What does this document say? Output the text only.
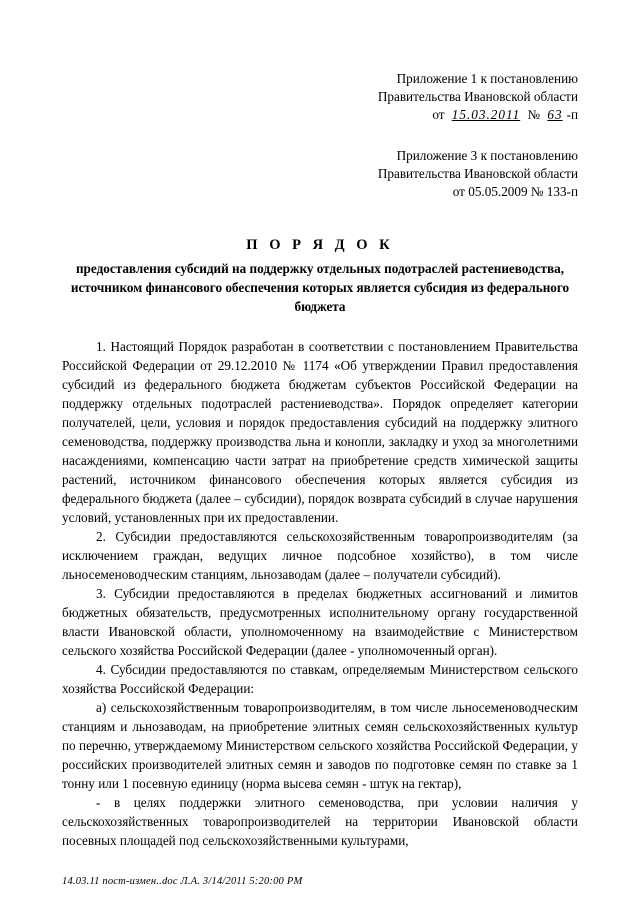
Приложение 1 к постановлению
Правительства Ивановской области
от 15.03.2011 № 63 -п
Приложение 3 к постановлению
Правительства Ивановской области
от 05.05.2009 № 133-п
П О Р Я Д О К
предоставления субсидий на поддержку отдельных подотраслей растениеводства, источником финансового обеспечения которых является субсидия из федерального бюджета

1. Настоящий Порядок разработан в соответствии с постановлением Правительства Российской Федерации от 29.12.2010 № 1174 «Об утверждении Правил предоставления субсидий из федерального бюджета бюджетам субъектов Российской Федерации на поддержку отдельных подотраслей растениеводства». Порядок определяет категории получателей, цели, условия и порядок предоставления субсидий на поддержку элитного семеноводства, поддержку производства льна и конопли, закладку и уход за многолетними насаждениями, компенсацию части затрат на приобретение средств химической защиты растений, источником финансового обеспечения которых является субсидия из федерального бюджета (далее – субсидии), порядок возврата субсидий в случае нарушения условий, установленных при их предоставлении.

2. Субсидии предоставляются сельскохозяйственным товаропроизводителям (за исключением граждан, ведущих личное подсобное хозяйство), в том числе льносеменоводческим станциям, льнозаводам (далее – получатели субсидий).

3. Субсидии предоставляются в пределах бюджетных ассигнований и лимитов бюджетных обязательств, предусмотренных исполнительному органу государственной власти Ивановской области, уполномоченному на взаимодействие с Министерством сельского хозяйства Российской Федерации (далее - уполномоченный орган).

4. Субсидии предоставляются по ставкам, определяемым Министерством сельского хозяйства Российской Федерации:

а) сельскохозяйственным товаропроизводителям, в том числе льносеменоводческим станциям и льнозаводам, на приобретение элитных семян сельскохозяйственных культур по перечню, утверждаемому Министерством сельского хозяйства Российской Федерации, у российских производителей элитных семян и заводов по подготовке семян по ставке за 1 тонну или 1 посевную единицу (норма высева семян - штук на гектар),

- в целях поддержки элитного семеноводства, при условии наличия у сельскохозяйственных товаропроизводителей на территории Ивановской области посевных площадей под сельскохозяйственными культурами,

14.03.11 пост-измен..doc Л.А. 3/14/2011 5:20:00 PM
